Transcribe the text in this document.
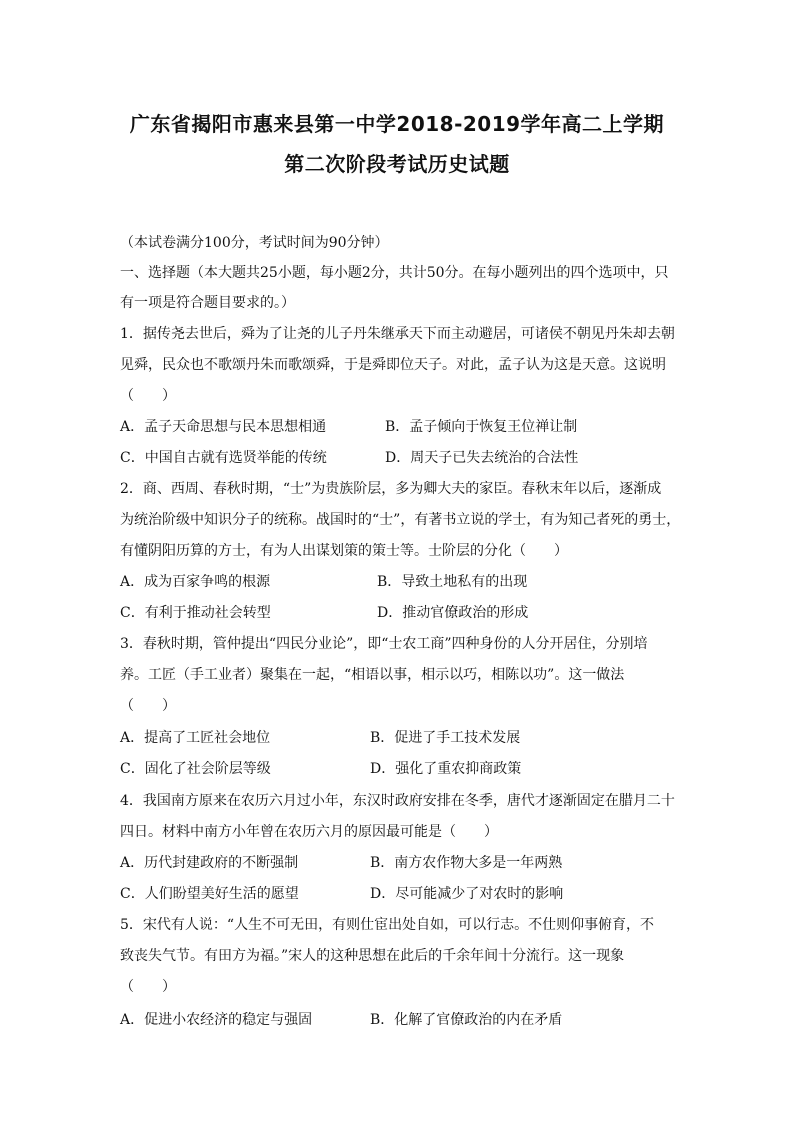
广东省揭阳市惠来县第一中学2018-2019学年高二上学期
第二次阶段考试历史试题
（本试卷满分100分，考试时间为90分钟）
一、选择题（本大题共25小题，每小题2分，共计50分。在每小题列出的四个选项中，只
有一项是符合题目要求的。）
1．据传尧去世后，舜为了让尧的儿子丹朱继承天下而主动避居，可诸侯不朝见丹朱却去朝
见舜，民众也不歌颂丹朱而歌颂舜，于是舜即位天子。对此，孟子认为这是天意。这说明
（　　）
A．孟子天命思想与民本思想相通	B．孟子倾向于恢复王位禅让制
C．中国自古就有选贤举能的传统	D．周天子已失去统治的合法性
2．商、西周、春秋时期，“士”为贵族阶层，多为卿大夫的家臣。春秋末年以后，逐渐成
为统治阶级中知识分子的统称。战国时的“士”，有著书立说的学士，有为知己者死的勇士，
有懂阴阳历算的方士，有为人出谋划策的策士等。士阶层的分化（　　）
A．成为百家争鸣的根源	B．导致土地私有的出现
C．有利于推动社会转型	D．推动官僚政治的形成
3．春秋时期，管仲提出“四民分业论”，即“士农工商”四种身份的人分开居住，分别培
养。工匠（手工业者）聚集在一起，“相语以事，相示以巧，相陈以功”。这一做法
（　　）
A．提高了工匠社会地位	B．促进了手工技术发展
C．固化了社会阶层等级	D．强化了重农抑商政策
4．我国南方原来在农历六月过小年，东汉时政府安排在冬季，唐代才逐渐固定在腊月二十
四日。材料中南方小年曾在农历六月的原因最可能是（　　）
A．历代封建政府的不断强制	B．南方农作物大多是一年两熟
C．人们盼望美好生活的愿望	D．尽可能减少了对农时的影响
5．宋代有人说：“人生不可无田，有则仕宦出处自如，可以行志。不仕则仰事俯育，不
致丧失气节。有田方为福。”宋人的这种思想在此后的千余年间十分流行。这一现象
（　　）
A．促进小农经济的稳定与强固	B．化解了官僚政治的内在矛盾
